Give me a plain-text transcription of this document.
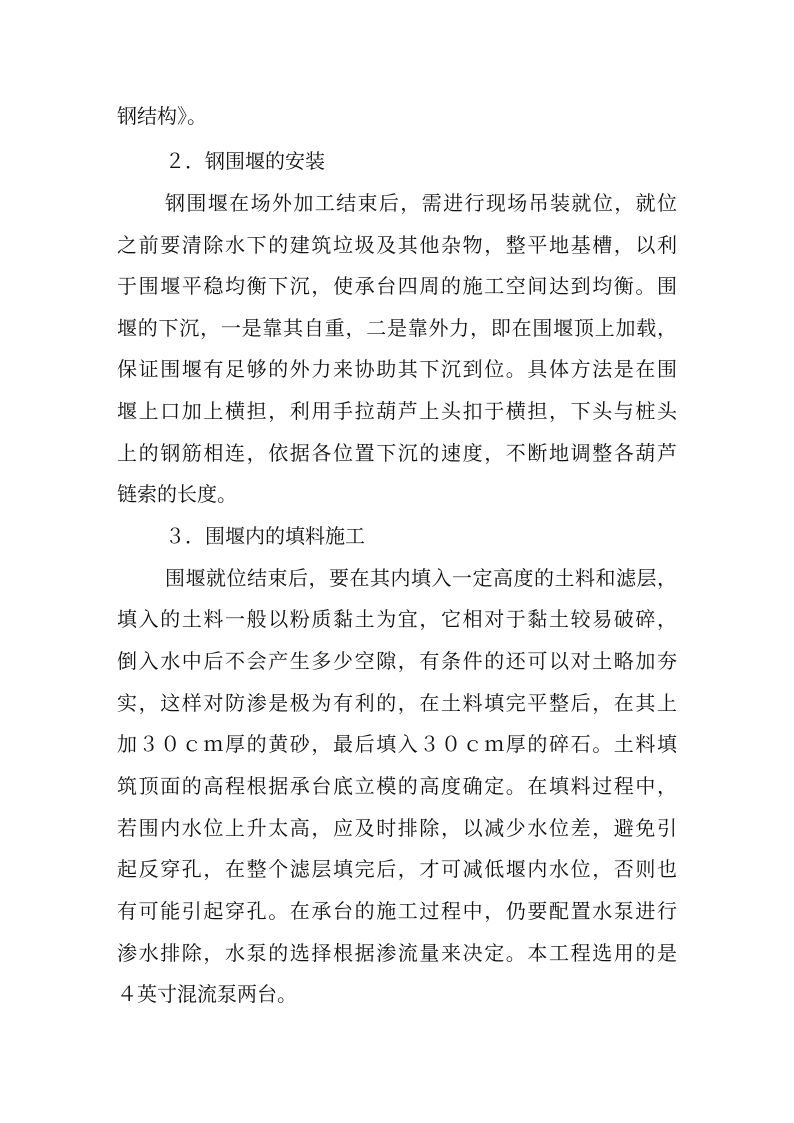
钢结构》。
２．钢围堰的安装
钢围堰在场外加工结束后，需进行现场吊装就位，就位
之前要清除水下的建筑垃圾及其他杂物，整平地基槽，以利
于围堰平稳均衡下沉，使承台四周的施工空间达到均衡。围
堰的下沉，一是靠其自重，二是靠外力，即在围堰顶上加载，
保证围堰有足够的外力来协助其下沉到位。具体方法是在围
堰上口加上横担，利用手拉葫芦上头扣于横担，下头与桩头
上的钢筋相连，依据各位置下沉的速度，不断地调整各葫芦
链索的长度。
３．围堰内的填料施工
围堰就位结束后，要在其内填入一定高度的土料和滤层，
填入的土料一般以粉质黏土为宜，它相对于黏土较易破碎，
倒入水中后不会产生多少空隙，有条件的还可以对土略加夯
实，这样对防渗是极为有利的，在土料填完平整后，在其上
加３０ｃｍ厚的黄砂，最后填入３０ｃｍ厚的碎石。土料填
筑顶面的高程根据承台底立模的高度确定。在填料过程中，
若围内水位上升太高，应及时排除，以减少水位差，避免引
起反穿孔，在整个滤层填完后，才可减低堰内水位，否则也
有可能引起穿孔。在承台的施工过程中，仍要配置水泵进行
渗水排除，水泵的选择根据渗流量来决定。本工程选用的是
４英寸混流泵两台。
